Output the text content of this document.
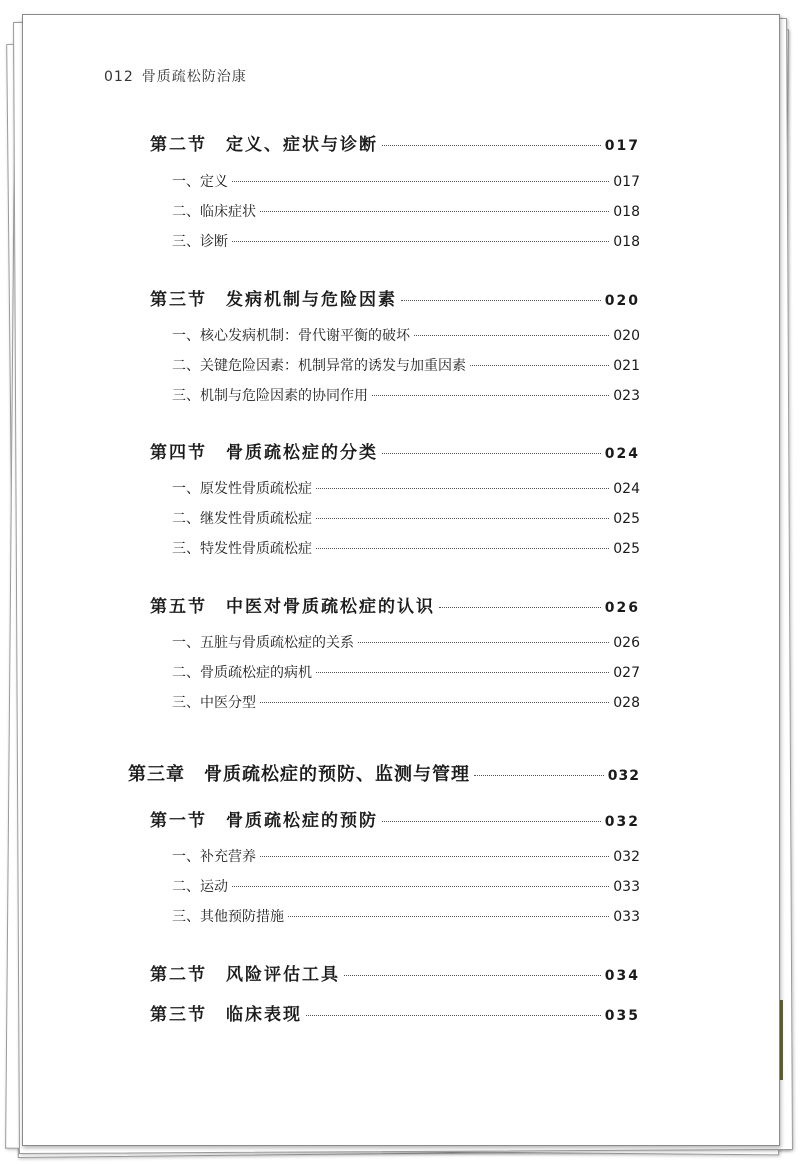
012 骨质疏松防治康
第二节　定义、症状与诊断	017
一、定义	017
二、临床症状	018
三、诊断	018
第三节　发病机制与危险因素	020
一、核心发病机制：骨代谢平衡的破坏	020
二、关键危险因素：机制异常的诱发与加重因素	021
三、机制与危险因素的协同作用	023
第四节　骨质疏松症的分类	024
一、原发性骨质疏松症	024
二、继发性骨质疏松症	025
三、特发性骨质疏松症	025
第五节　中医对骨质疏松症的认识	026
一、五脏与骨质疏松症的关系	026
二、骨质疏松症的病机	027
三、中医分型	028
第三章　骨质疏松症的预防、监测与管理	032
第一节　骨质疏松症的预防	032
一、补充营养	032
二、运动	033
三、其他预防措施	033
第二节　风险评估工具	034
第三节　临床表现	035
